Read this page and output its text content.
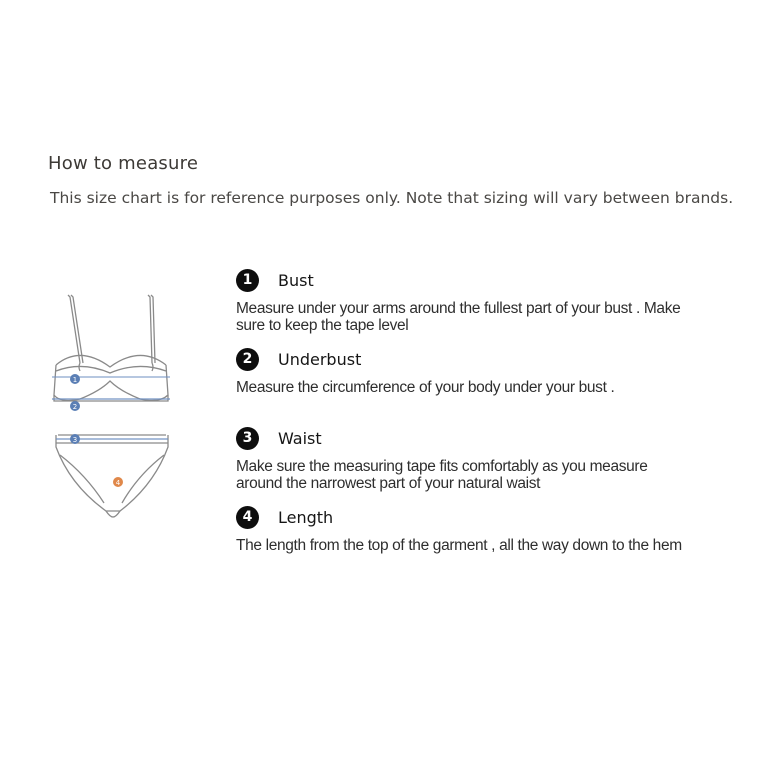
How to measure
This size chart is for reference purposes only. Note that sizing will vary between brands.
1
2
3
4
1	Bust
Measure under your arms around the fullest part of your bust . Make
sure to keep the tape level
2	Underbust
Measure the circumference of your body under your bust .
3	Waist
Make sure the measuring tape fits comfortably as you measure
around the narrowest part of your natural waist
4	Length
The length from the top of the garment , all the way down to the hem
